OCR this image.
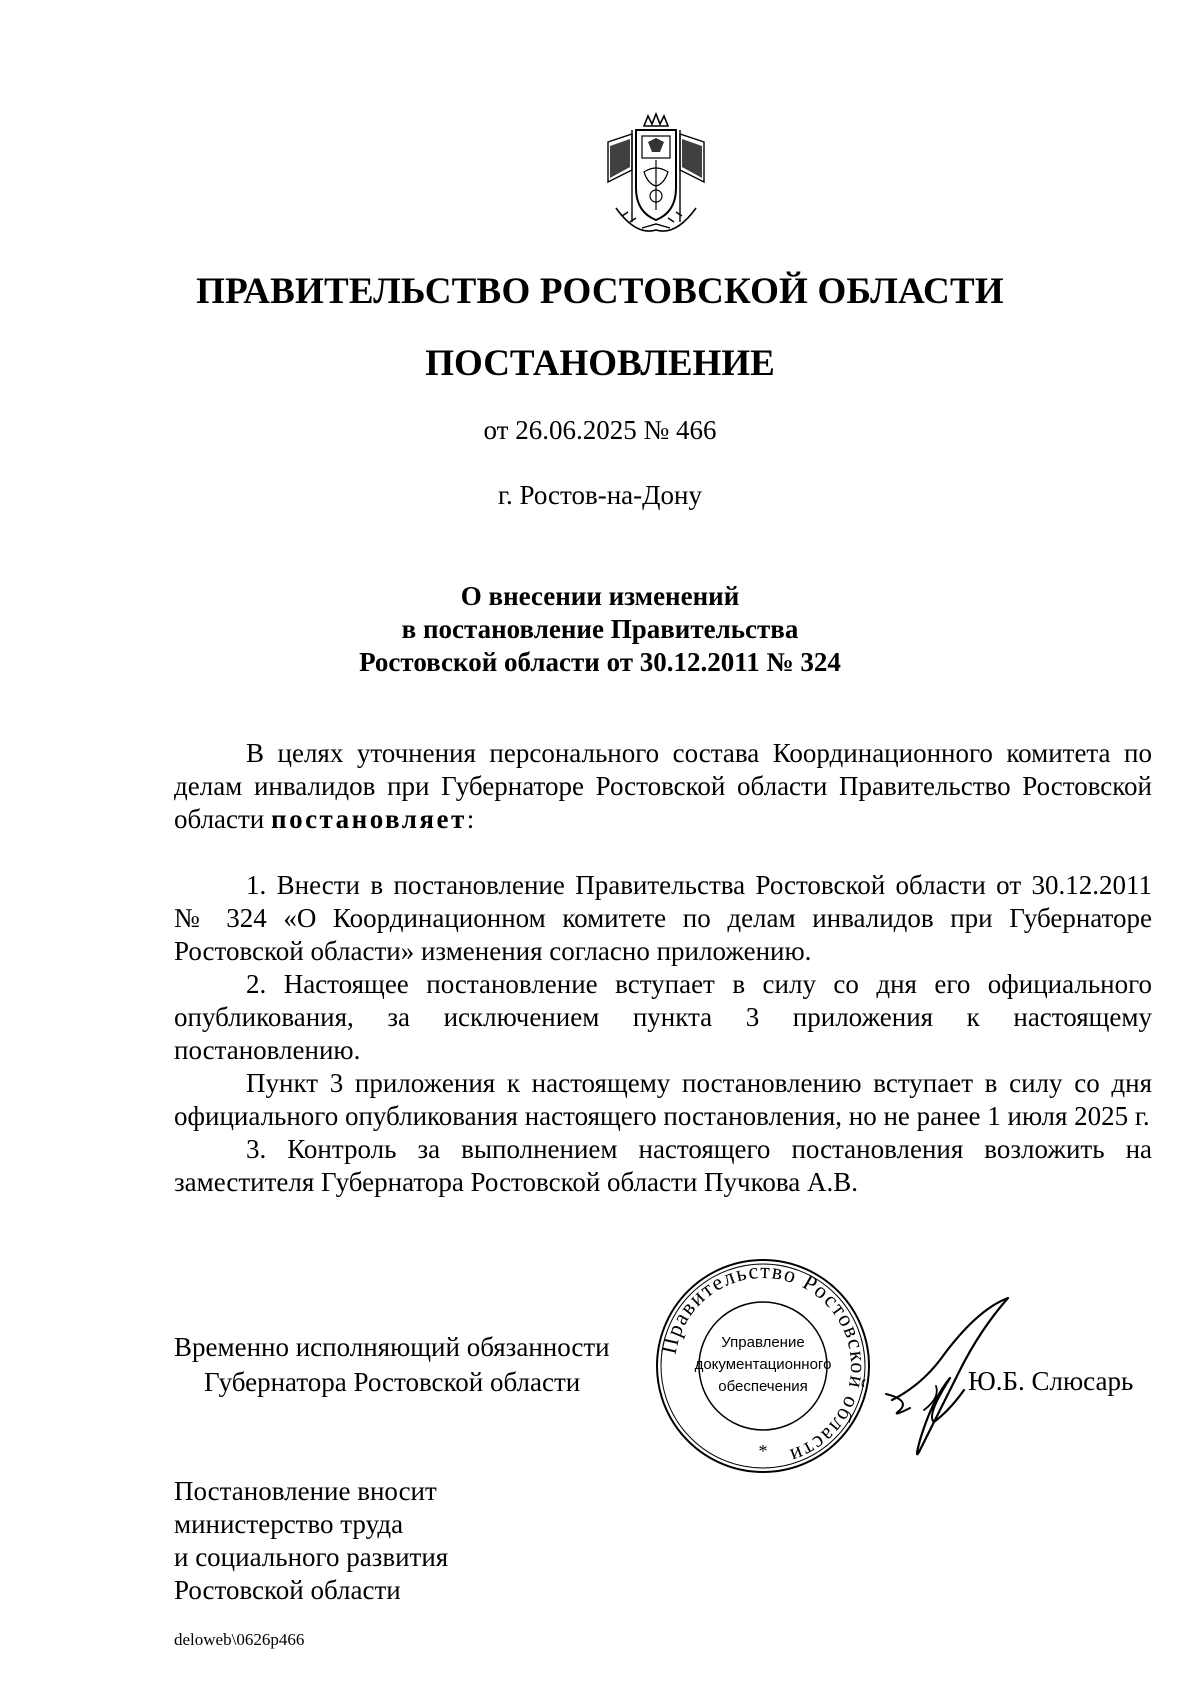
ПРАВИТЕЛЬСТВО РОСТОВСКОЙ ОБЛАСТИ
ПОСТАНОВЛЕНИЕ
от 26.06.2025 № 466
г. Ростов-на-Дону
О внесении изменений
в постановление Правительства
Ростовской области от 30.12.2011 № 324

В целях уточнения персонального состава Координационного комитета по делам инвалидов при Губернаторе Ростовской области Правительство Ростовской области постановляет:

1. Внести в постановление Правительства Ростовской области от 30.12.2011 № 324 «О Координационном комитете по делам инвалидов при Губернаторе Ростовской области» изменения согласно приложению.

2. Настоящее постановление вступает в силу со дня его официального опубликования, за исключением пункта 3 приложения к настоящему постановлению.

Пункт 3 приложения к настоящему постановлению вступает в силу со дня официального опубликования настоящего постановления, но не ранее 1 июля 2025 г.

3. Контроль за выполнением настоящего постановления возложить на заместителя Губернатора Ростовской области Пучкова А.В.

Временно исполняющий обязанности
Губернатора Ростовской области
Правительство Ростовской области
Управление
документационного
обеспечения
*
Ю.Б. Слюсарь
Постановление вносит
министерство труда
и социального развития
Ростовской области
deloweb\0626p466
